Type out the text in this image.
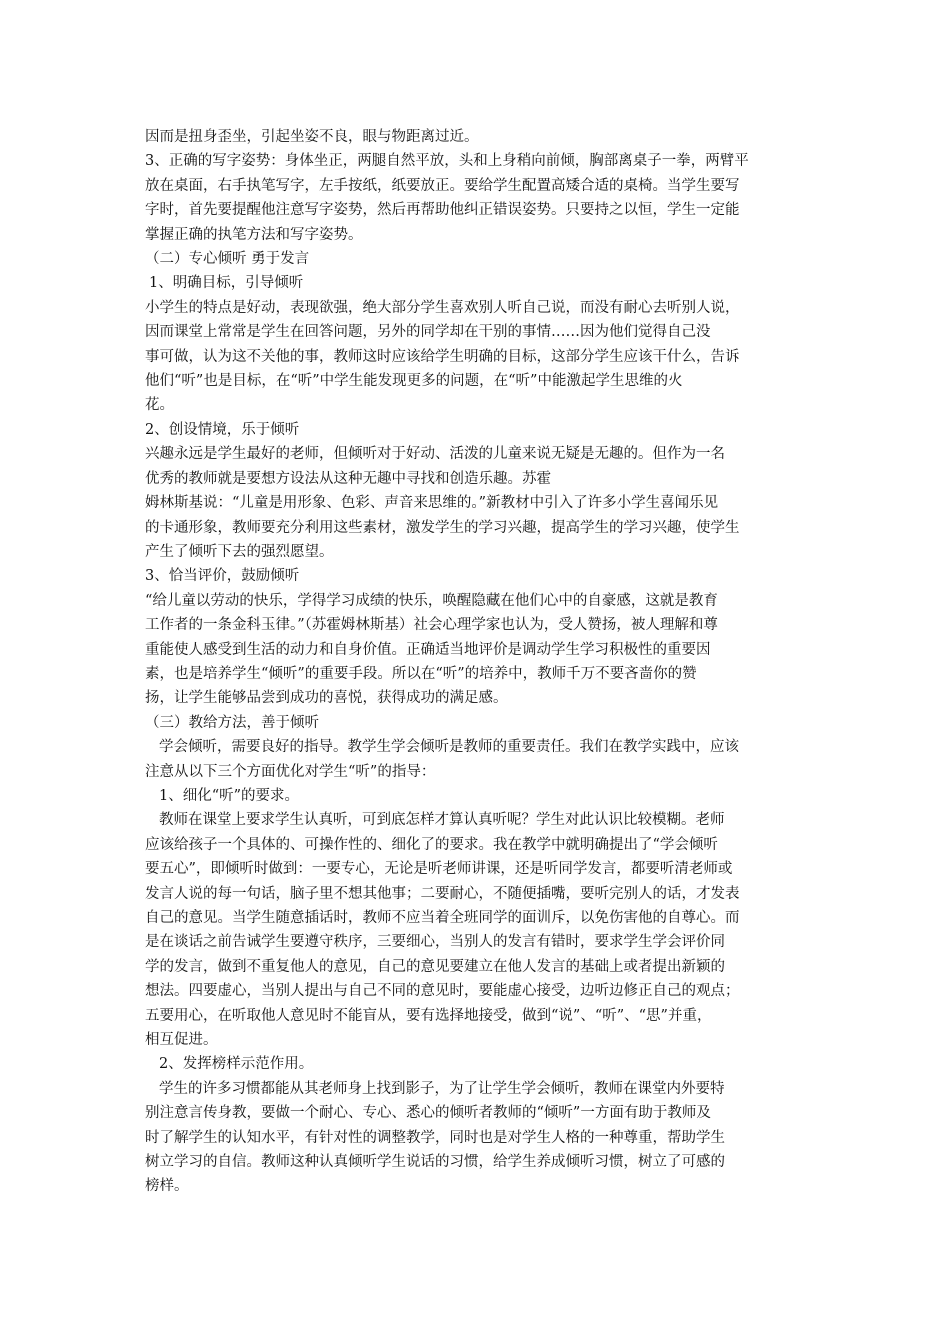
因而是扭身歪坐，引起坐姿不良，眼与物距离过近。
3、正确的写字姿势：身体坐正，两腿自然平放，头和上身稍向前倾，胸部离桌子一拳，两臂平
放在桌面，右手执笔写字，左手按纸，纸要放正。要给学生配置高矮合适的桌椅。当学生要写
字时，首先要提醒他注意写字姿势，然后再帮助他纠正错误姿势。只要持之以恒，学生一定能
掌握正确的执笔方法和写字姿势。
（二）专心倾听 勇于发言
1、明确目标，引导倾听
小学生的特点是好动，表现欲强，绝大部分学生喜欢别人听自己说，而没有耐心去听别人说，
因而课堂上常常是学生在回答问题，另外的同学却在干别的事情……因为他们觉得自己没
事可做，认为这不关他的事，教师这时应该给学生明确的目标，这部分学生应该干什么，告诉
他们“听”也是目标，在“听”中学生能发现更多的问题，在“听”中能激起学生思维的火
花。
2、创设情境，乐于倾听
兴趣永远是学生最好的老师，但倾听对于好动、活泼的儿童来说无疑是无趣的。但作为一名
优秀的教师就是要想方设法从这种无趣中寻找和创造乐趣。苏霍
姆林斯基说：“儿童是用形象、色彩、声音来思维的。”新教材中引入了许多小学生喜闻乐见
的卡通形象，教师要充分利用这些素材，激发学生的学习兴趣，提高学生的学习兴趣，使学生
产生了倾听下去的强烈愿望。
3、恰当评价，鼓励倾听
“给儿童以劳动的快乐，学得学习成绩的快乐，唤醒隐藏在他们心中的自豪感，这就是教育
工作者的一条金科玉律。”（苏霍姆林斯基）社会心理学家也认为，受人赞扬，被人理解和尊
重能使人感受到生活的动力和自身价值。正确适当地评价是调动学生学习积极性的重要因
素，也是培养学生“倾听”的重要手段。所以在“听”的培养中，教师千万不要吝啬你的赞
扬，让学生能够品尝到成功的喜悦，获得成功的满足感。
（三）教给方法，善于倾听
学会倾听，需要良好的指导。教学生学会倾听是教师的重要责任。我们在教学实践中，应该
注意从以下三个方面优化对学生“听”的指导：
1、细化“听”的要求。
教师在课堂上要求学生认真听，可到底怎样才算认真听呢？学生对此认识比较模糊。老师
应该给孩子一个具体的、可操作性的、细化了的要求。我在教学中就明确提出了“学会倾听
要五心”，即倾听时做到：一要专心，无论是听老师讲课，还是听同学发言，都要听清老师或
发言人说的每一句话，脑子里不想其他事；二要耐心，不随便插嘴，要听完别人的话，才发表
自己的意见。当学生随意插话时，教师不应当着全班同学的面训斥，以免伤害他的自尊心。而
是在谈话之前告诫学生要遵守秩序，三要细心，当别人的发言有错时，要求学生学会评价同
学的发言，做到不重复他人的意见，自己的意见要建立在他人发言的基础上或者提出新颖的
想法。四要虚心，当别人提出与自己不同的意见时，要能虚心接受，边听边修正自己的观点；
五要用心，在听取他人意见时不能盲从，要有选择地接受，做到“说”、“听”、“思”并重，
相互促进。
2、发挥榜样示范作用。
学生的许多习惯都能从其老师身上找到影子，为了让学生学会倾听，教师在课堂内外要特
别注意言传身教，要做一个耐心、专心、悉心的倾听者教师的“倾听”一方面有助于教师及
时了解学生的认知水平，有针对性的调整教学，同时也是对学生人格的一种尊重，帮助学生
树立学习的自信。教师这种认真倾听学生说话的习惯，给学生养成倾听习惯，树立了可感的
榜样。
